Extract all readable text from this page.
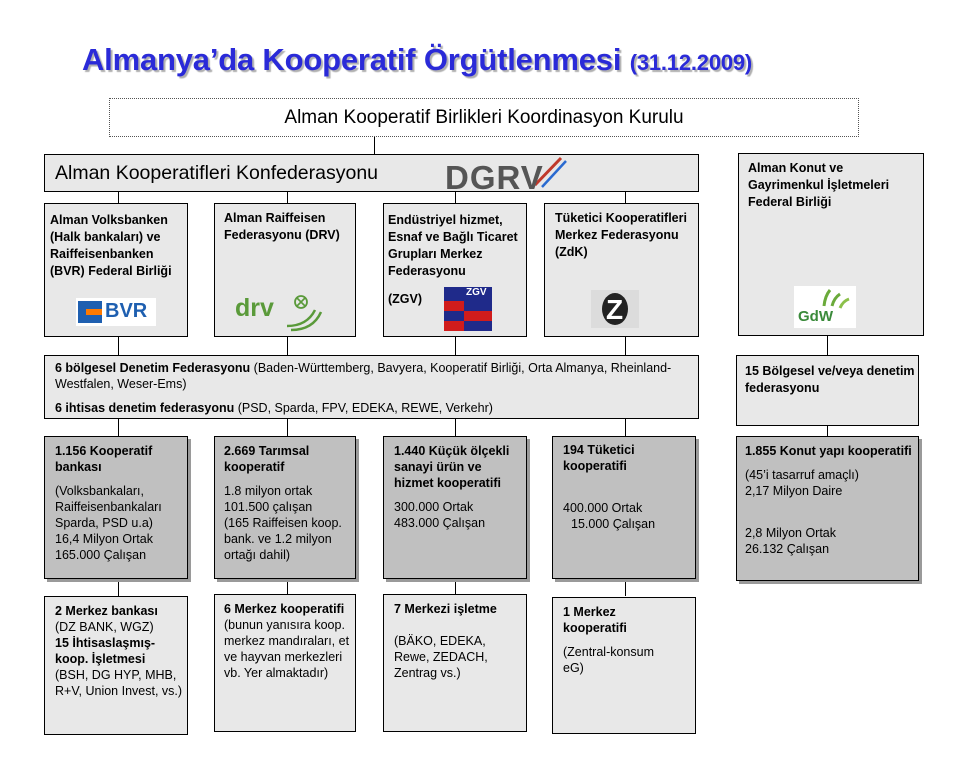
Almanya’da Kooperatif Örgütlenmesi (31.12.2009)
Alman Kooperatif Birlikleri Koordinasyon Kurulu
Alman Kooperatifleri Konfederasyonu DGRV	Alman Konut ve Gayrimenkul İşletmeleri Federal Birliği
GdW
Alman Volksbanken (Halk bankaları) ve Raiffeisenbanken (BVR) Federal Birliği
BVR
Alman Raiffeisen Federasyonu (DRV)
drv
Endüstriyel hizmet, Esnaf ve Bağlı Ticaret Grupları Merkez Federasyonu
(ZGV)	ZGV
Tüketici Kooperatifleri Merkez Federasyonu (ZdK)
Z
6 bölgesel Denetim Federasyonu (Baden-Württemberg, Bavyera, Kooperatif Birliği, Orta Almanya, Rheinland-Westfalen, Weser-Ems)
6 ihtisas denetim federasyonu (PSD, Sparda, FPV, EDEKA, REWE, Verkehr)
15 Bölgesel ve/veya denetim federasyonu
1.156 Kooperatif bankası
(Volksbankaları, Raiffeisenbankaları Sparda, PSD u.a)
16,4 Milyon Ortak
165.000 Çalışan
2.669 Tarımsal kooperatif
1.8 milyon ortak
101.500 çalışan
(165 Raiffeisen koop. bank. ve 1.2 milyon ortağı dahil)
1.440 Küçük ölçekli sanayi ürün ve hizmet kooperatifi
300.000 Ortak
483.000 Çalışan
194 Tüketici kooperatifi
400.000 Ortak
15.000 Çalışan
1.855 Konut yapı kooperatifi
(45’i tasarruf amaçlı)
2,17 Milyon Daire
2,8 Milyon Ortak
26.132 Çalışan
2 Merkez bankası
(DZ BANK, WGZ)
15 İhtisaslaşmış-koop. İşletmesi
(BSH, DG HYP, MHB, R+V, Union Invest, vs.)
6 Merkez kooperatifi
(bunun yanısıra koop. merkez mandıraları, et ve hayvan merkezleri vb. Yer almaktadır)
7 Merkezi işletme
(BÄKO, EDEKA, Rewe, ZEDACH, Zentrag vs.)
1 Merkez kooperatifi
(Zentral-konsum eG)
